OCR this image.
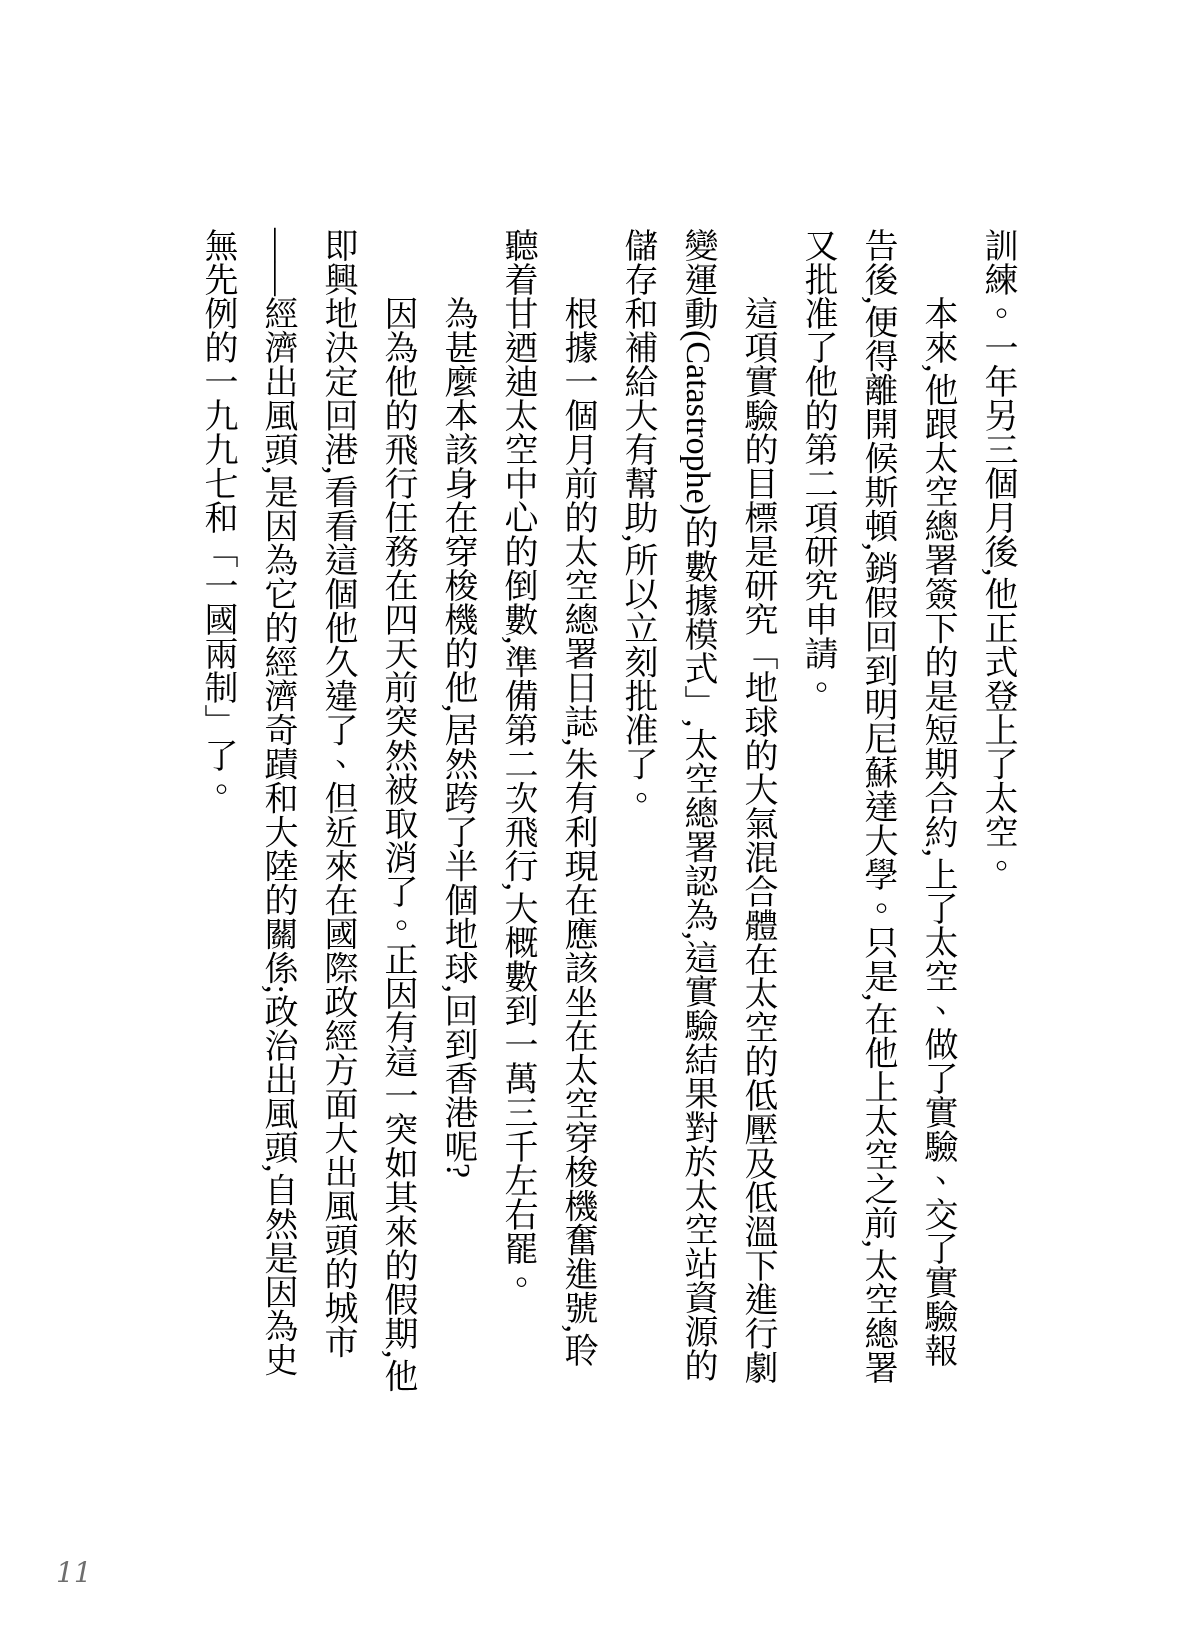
訓練。一年另三個月後,他正式登上了太空。

本來,他跟太空總署簽下的是短期合約,上了太空、做了實驗、交了實驗報告後,便得離開候斯頓,銷假回到明尼蘇達大學。只是,在他上太空之前,太空總署又批准了他的第二項研究申請。

這項實驗的目標是研究「地球的大氣混合體在太空的低壓及低溫下進行劇變運動(Catastrophe)的數據模式」,太空總署認為,這實驗結果對於太空站資源的儲存和補給大有幫助,所以立刻批准了。

根據一個月前的太空總署日誌,朱有利現在應該坐在太空穿梭機奮進號,聆聽着甘迺迪太空中心的倒數,準備第二次飛行,大概數到一萬三千左右罷。

為甚麼本該身在穿梭機的他,居然跨了半個地球,回到香港呢?

因為他的飛行任務在四天前突然被取消了。正因有這一突如其來的假期,他即興地決定回港,看看這個他久違了、但近來在國際政經方面大出風頭的城市——經濟出風頭,是因為它的經濟奇蹟和大陸的關係;政治出風頭,自然是因為史無先例的一九九七和「一國兩制」了。

11
